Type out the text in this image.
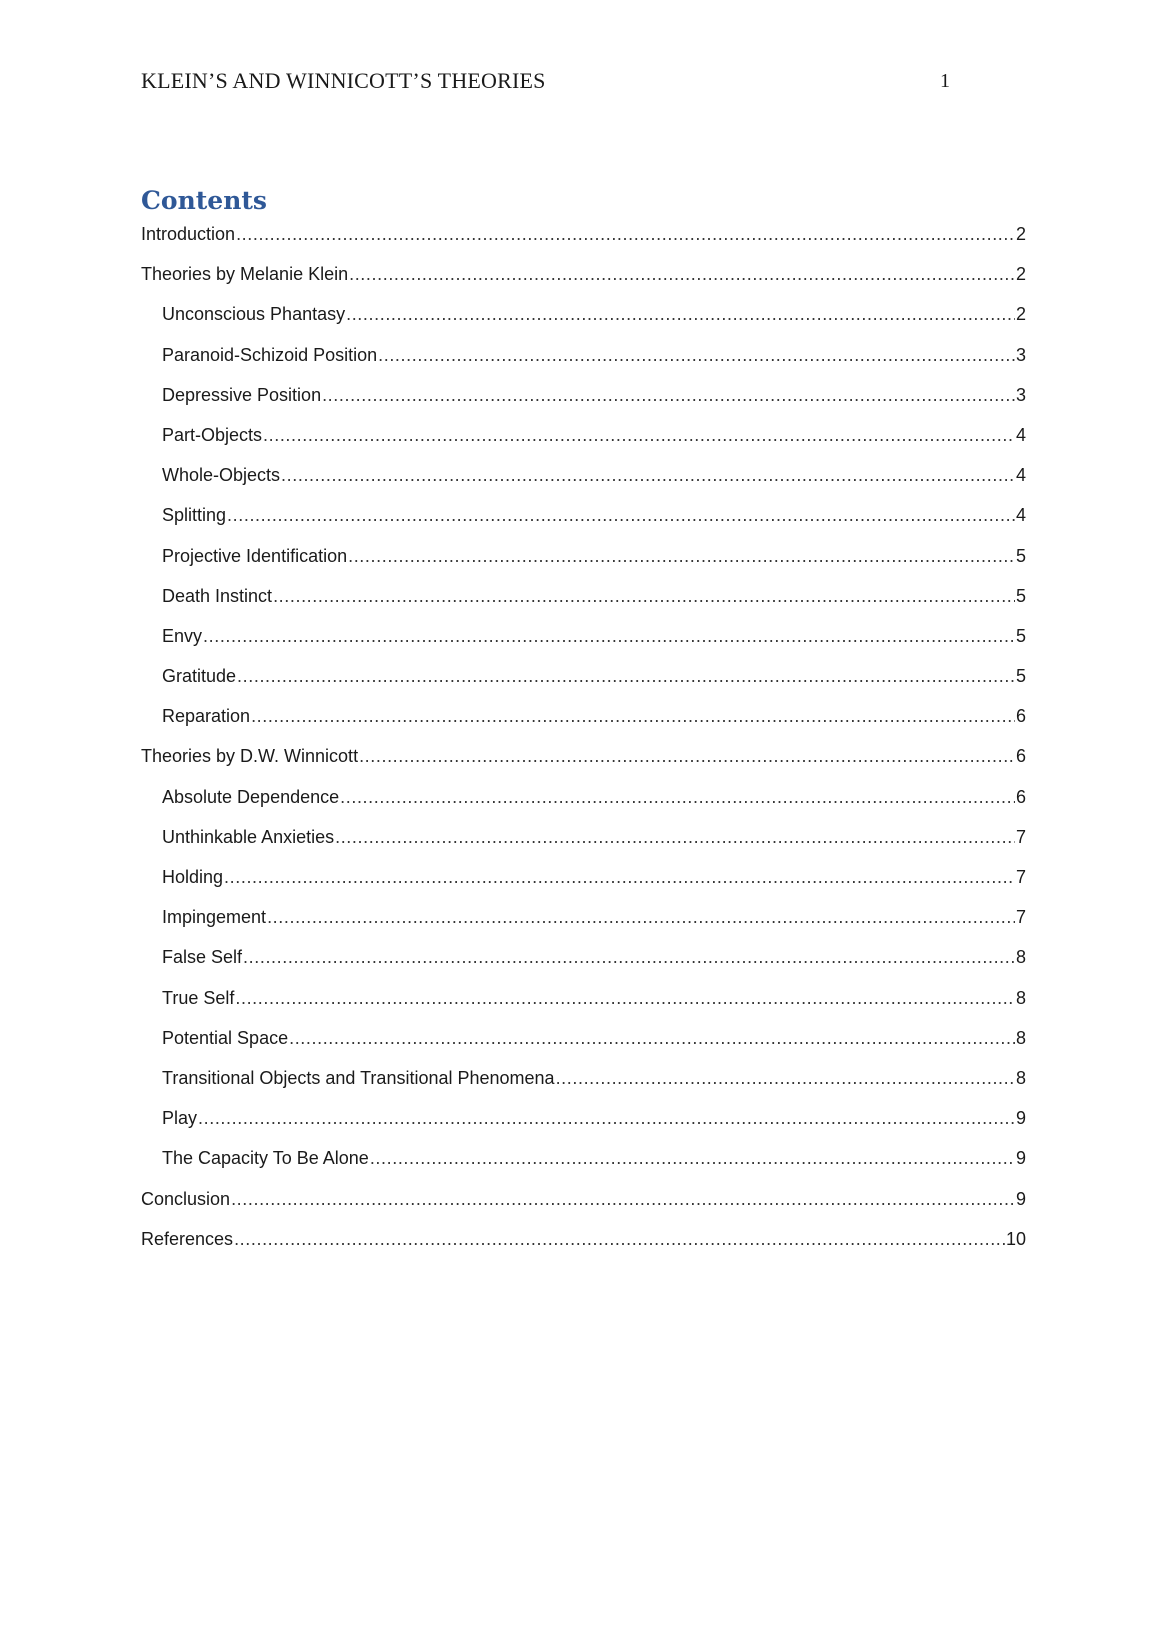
KLEIN’S AND WINNICOTT’S THEORIES	1
Contents
Introduction .....	2
Theories by Melanie Klein .....	2
Unconscious Phantasy .....	2
Paranoid-Schizoid Position .....	3
Depressive Position .....	3
Part-Objects .....	4
Whole-Objects .....	4
Splitting .....	4
Projective Identification .....	5
Death Instinct .....	5
Envy .....	5
Gratitude .....	5
Reparation .....	6
Theories by D.W. Winnicott .....	6
Absolute Dependence .....	6
Unthinkable Anxieties .....	7
Holding .....	7
Impingement .....	7
False Self .....	8
True Self .....	8
Potential Space .....	8
Transitional Objects and Transitional Phenomena .....	8
Play .....	9
The Capacity To Be Alone .....	9
Conclusion .....	9
References .....	10
